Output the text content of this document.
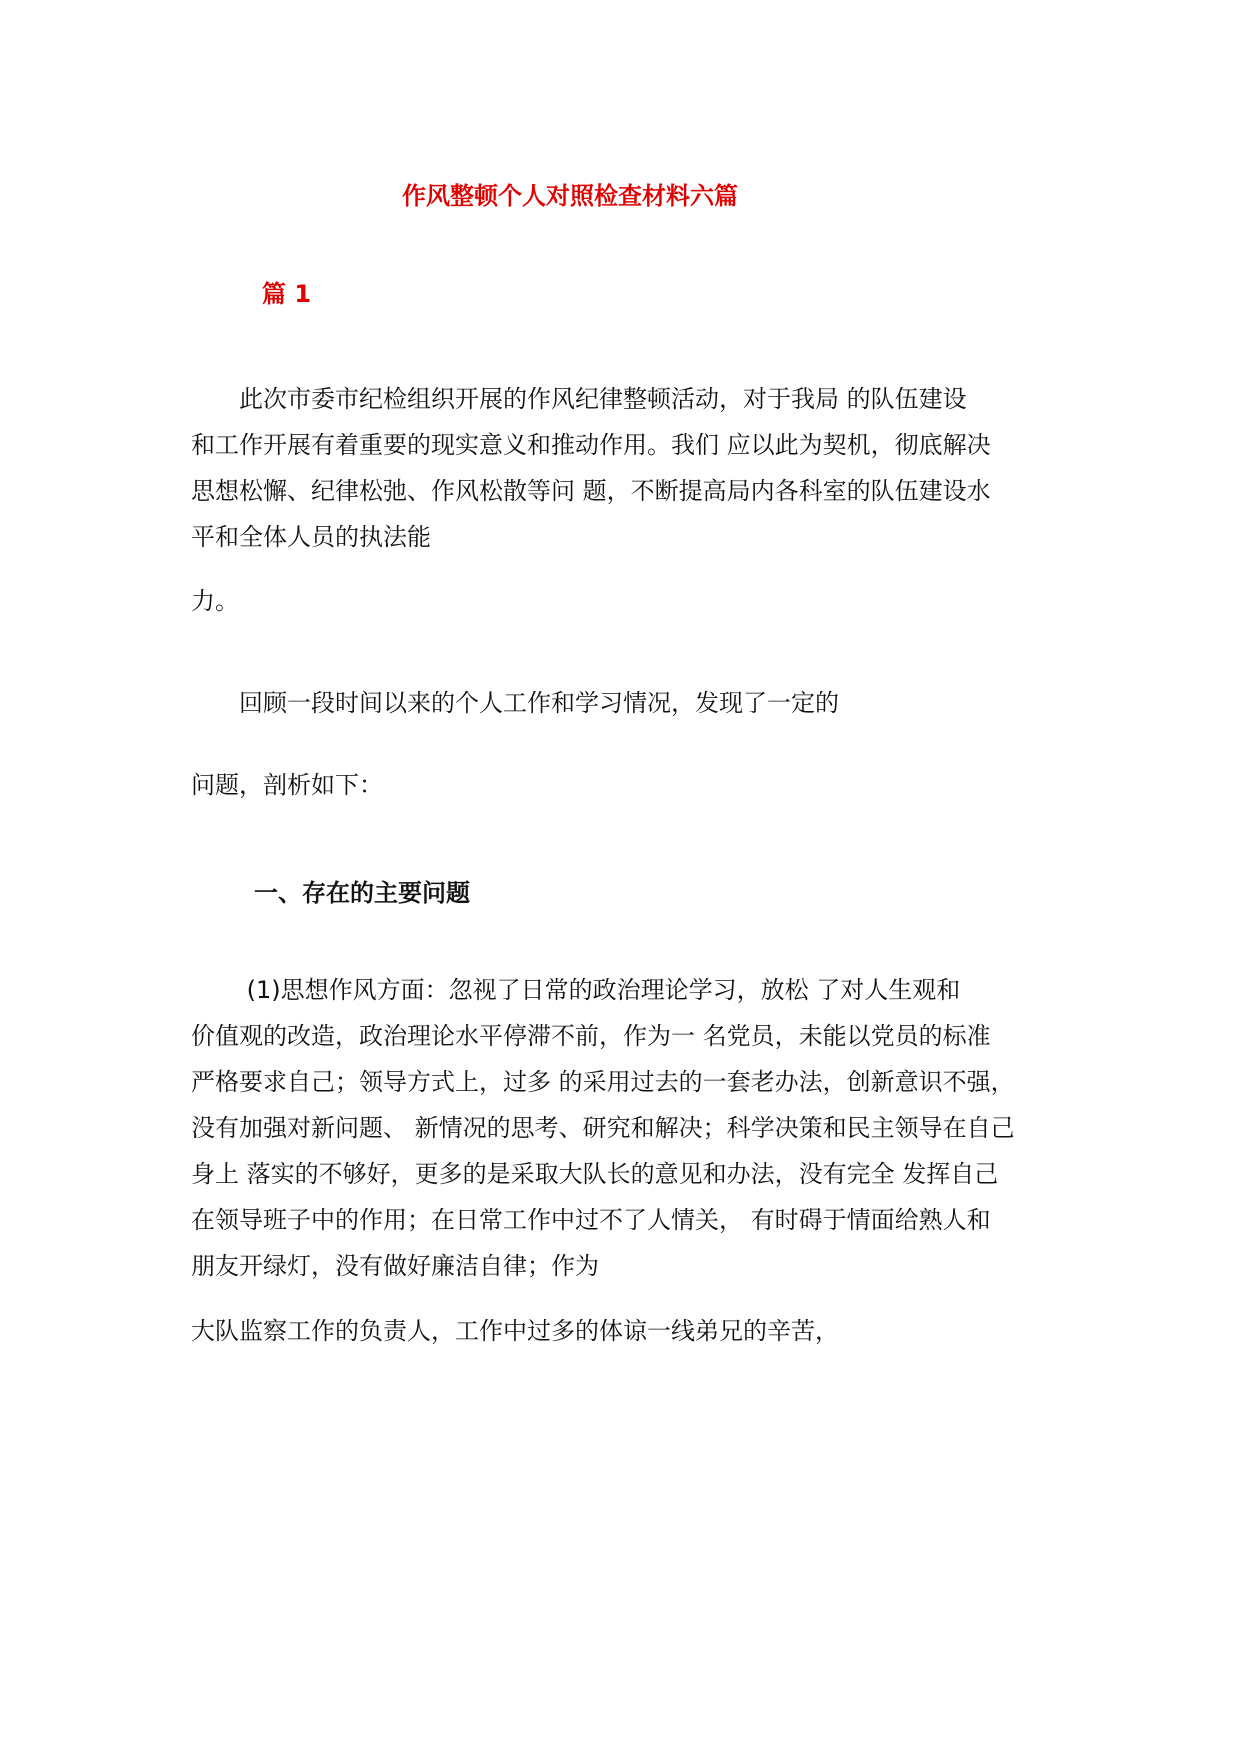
作风整顿个人对照检查材料六篇
篇 1

　　此次市委市纪检组织开展的作风纪律整顿活动，对于我局 的队伍建设
和工作开展有着重要的现实意义和推动作用。我们 应以此为契机，彻底解决
思想松懈、纪律松弛、作风松散等问 题，不断提高局内各科室的队伍建设水
平和全体人员的执法能

力。

　　回顾一段时间以来的个人工作和学习情况，发现了一定的

问题，剖析如下：

一、存在的主要问题

　　 (1)思想作风方面：忽视了日常的政治理论学习，放松 了对人生观和
价值观的改造，政治理论水平停滞不前，作为一 名党员，未能以党员的标准
严格要求自己；领导方式上，过多 的采用过去的一套老办法，创新意识不强，
没有加强对新问题、 新情况的思考、研究和解决；科学决策和民主领导在自己
身上 落实的不够好，更多的是采取大队长的意见和办法，没有完全 发挥自己
在领导班子中的作用；在日常工作中过不了人情关， 有时碍于情面给熟人和
朋友开绿灯，没有做好廉洁自律；作为

大队监察工作的负责人，工作中过多的体谅一线弟兄的辛苦，
